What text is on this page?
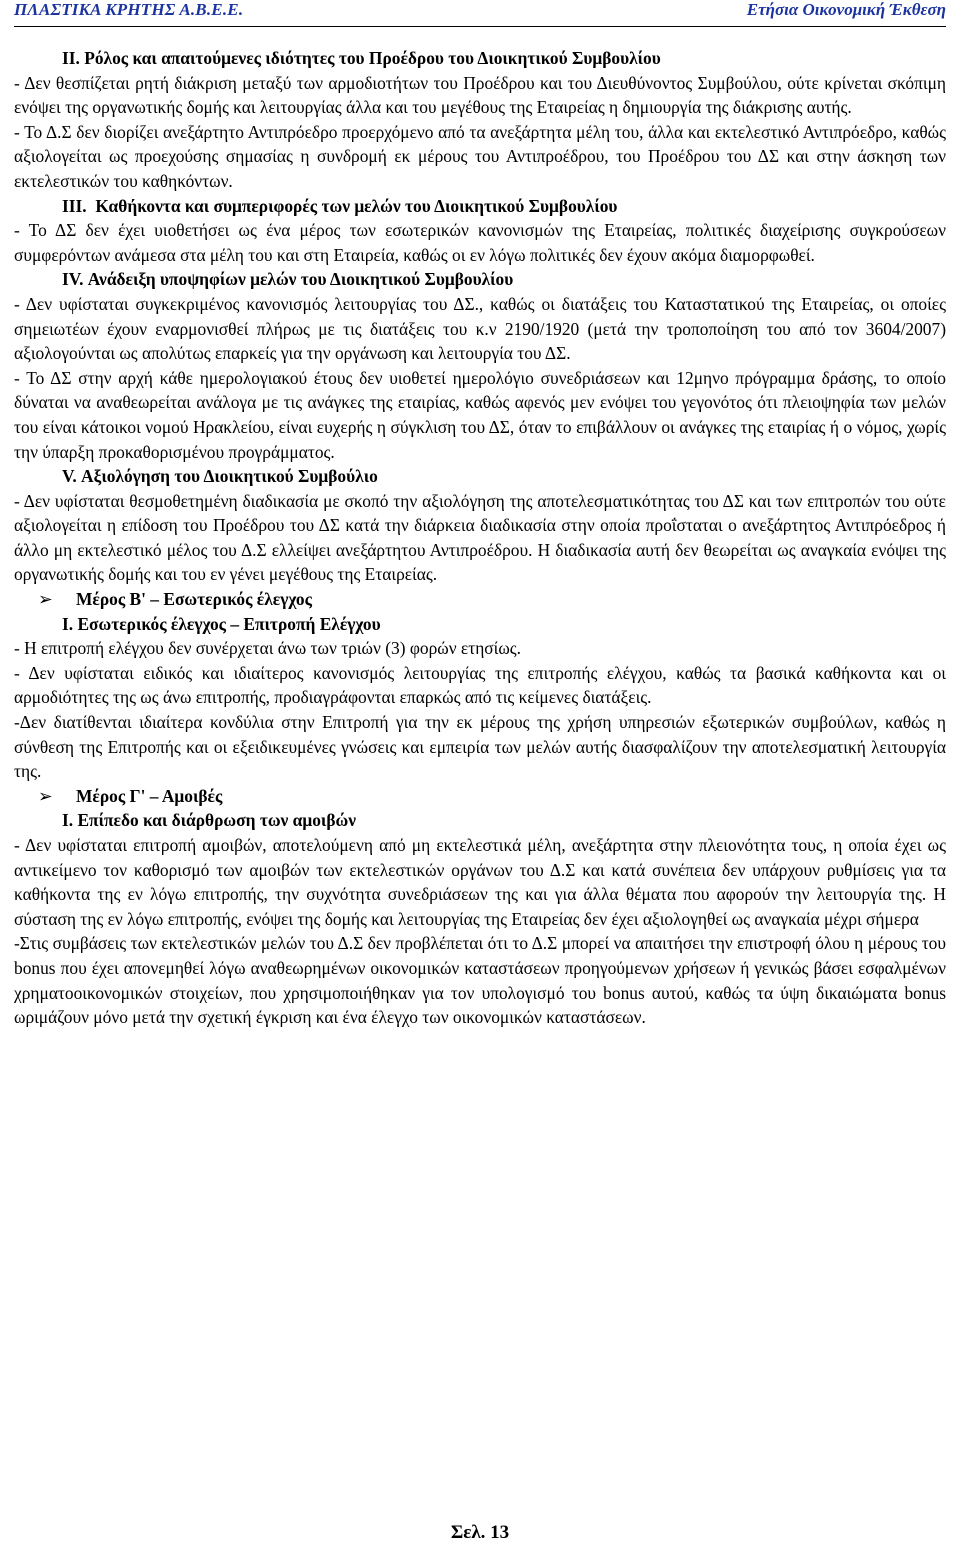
ΠΛΑΣΤΙΚΑ ΚΡΗΤΗΣ Α.Β.Ε.Ε.	Ετήσια Οικονομική Έκθεση

ΙΙ. Ρόλος και απαιτούμενες ιδιότητες του Προέδρου του Διοικητικού Συμβουλίου

- Δεν θεσπίζεται ρητή διάκριση μεταξύ των αρμοδιοτήτων του Προέδρου και του Διευθύνοντος Συμβούλου, ούτε κρίνεται σκόπιμη ενόψει της οργανωτικής δομής και λειτουργίας άλλα και του μεγέθους της Εταιρείας η δημιουργία της διάκρισης αυτής.

- Το Δ.Σ δεν διορίζει ανεξάρτητο Αντιπρόεδρο προερχόμενο από τα ανεξάρτητα μέλη του, άλλα και εκτελεστικό Αντιπρόεδρο, καθώς αξιολογείται ως προεχούσης σημασίας η συνδρομή εκ μέρους του Αντιπροέδρου, του Προέδρου του ΔΣ και στην άσκηση των εκτελεστικών του καθηκόντων.

ΙΙΙ. Καθήκοντα και συμπεριφορές των μελών του Διοικητικού Συμβουλίου

- Το ΔΣ δεν έχει υιοθετήσει ως ένα μέρος των εσωτερικών κανονισμών της Εταιρείας, πολιτικές διαχείρισης συγκρούσεων συμφερόντων ανάμεσα στα μέλη του και στη Εταιρεία, καθώς οι εν λόγω πολιτικές δεν έχουν ακόμα διαμορφωθεί.

IV. Ανάδειξη υποψηφίων μελών του Διοικητικού Συμβουλίου

- Δεν υφίσταται συγκεκριμένος κανονισμός λειτουργίας του ΔΣ., καθώς οι διατάξεις του Καταστατικού της Εταιρείας, οι οποίες σημειωτέων έχουν εναρμονισθεί πλήρως με τις διατάξεις του κ.ν 2190/1920 (μετά την τροποποίηση του από τον 3604/2007) αξιολογούνται ως απολύτως επαρκείς για την οργάνωση και λειτουργία του ΔΣ.

- Το ΔΣ στην αρχή κάθε ημερολογιακού έτους δεν υιοθετεί ημερολόγιο συνεδριάσεων και 12μηνο πρόγραμμα δράσης, το οποίο δύναται να αναθεωρείται ανάλογα με τις ανάγκες της εταιρίας, καθώς αφενός μεν ενόψει του γεγονότος ότι πλειοψηφία των μελών του είναι κάτοικοι νομού Ηρακλείου, είναι ευχερής η σύγκλιση του ΔΣ, όταν το επιβάλλουν οι ανάγκες της εταιρίας ή ο νόμος, χωρίς την ύπαρξη προκαθορισμένου προγράμματος.

V. Αξιολόγηση του Διοικητικού Συμβούλιο

- Δεν υφίσταται θεσμοθετημένη διαδικασία με σκοπό την αξιολόγηση της αποτελεσματικότητας του ΔΣ και των επιτροπών του ούτε αξιολογείται η επίδοση του Προέδρου του ΔΣ κατά την διάρκεια διαδικασία στην οποία προΐσταται ο ανεξάρτητος Αντιπρόεδρος ή άλλο μη εκτελεστικό μέλος του Δ.Σ ελλείψει ανεξάρτητου Αντιπροέδρου. Η διαδικασία αυτή δεν θεωρείται ως αναγκαία ενόψει της οργανωτικής δομής και του εν γένει μεγέθους της Εταιρείας.

➢ Μέρος Β' – Εσωτερικός έλεγχος

Ι. Εσωτερικός έλεγχος – Επιτροπή Ελέγχου

- Η επιτροπή ελέγχου δεν συνέρχεται άνω των τριών (3) φορών ετησίως.

- Δεν υφίσταται ειδικός και ιδιαίτερος κανονισμός λειτουργίας της επιτροπής ελέγχου, καθώς τα βασικά καθήκοντα και οι αρμοδιότητες της ως άνω επιτροπής, προδιαγράφονται επαρκώς από τις κείμενες διατάξεις.

-Δεν διατίθενται ιδιαίτερα κονδύλια στην Επιτροπή για την εκ μέρους της χρήση υπηρεσιών εξωτερικών συμβούλων, καθώς η σύνθεση της Επιτροπής και οι εξειδικευμένες γνώσεις και εμπειρία των μελών αυτής διασφαλίζουν την αποτελεσματική λειτουργία της.

➢ Μέρος Γ' – Αμοιβές

Ι. Επίπεδο και διάρθρωση των αμοιβών

- Δεν υφίσταται επιτροπή αμοιβών, αποτελούμενη από μη εκτελεστικά μέλη, ανεξάρτητα στην πλειονότητα τους, η οποία έχει ως αντικείμενο τον καθορισμό των αμοιβών των εκτελεστικών οργάνων του Δ.Σ και κατά συνέπεια δεν υπάρχουν ρυθμίσεις για τα καθήκοντα της εν λόγω επιτροπής, την συχνότητα συνεδριάσεων της και για άλλα θέματα που αφορούν την λειτουργία της. Η σύσταση της εν λόγω επιτροπής, ενόψει της δομής και λειτουργίας της Εταιρείας δεν έχει αξιολογηθεί ως αναγκαία μέχρι σήμερα

-Στις συμβάσεις των εκτελεστικών μελών του Δ.Σ δεν προβλέπεται ότι το Δ.Σ μπορεί να απαιτήσει την επιστροφή όλου η μέρους του bonus που έχει απονεμηθεί λόγω αναθεωρημένων οικονομικών καταστάσεων προηγούμενων χρήσεων ή γενικώς βάσει εσφαλμένων χρηματοοικονομικών στοιχείων, που χρησιμοποιήθηκαν για τον υπολογισμό του bonus αυτού, καθώς τα ύψη δικαιώματα bonus ωριμάζουν μόνο μετά την σχετική έγκριση και ένα έλεγχο των οικονομικών καταστάσεων.

Σελ. 13
